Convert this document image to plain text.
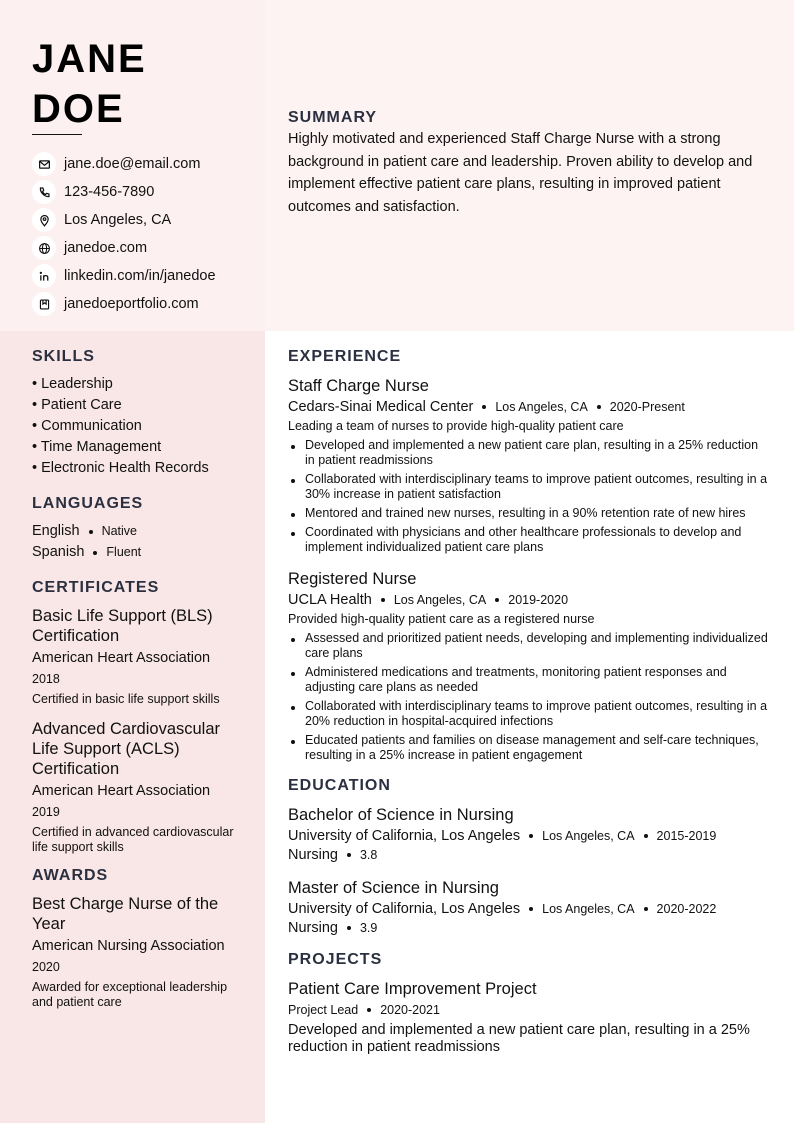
JANE
DOE
jane.doe@email.com
123-456-7890
Los Angeles, CA
janedoe.com
linkedin.com/in/janedoe
janedoeportfolio.com
SUMMARY
Highly motivated and experienced Staff Charge Nurse with a strong background in patient care and leadership. Proven ability to develop and implement effective patient care plans, resulting in improved patient outcomes and satisfaction.
SKILLS
• Leadership
• Patient Care
• Communication
• Time Management
• Electronic Health Records
LANGUAGES
English Native
Spanish Fluent
CERTIFICATES
Basic Life Support (BLS) Certification
American Heart Association
2018
Certified in basic life support skills
Advanced Cardiovascular Life Support (ACLS) Certification
American Heart Association
2019
Certified in advanced cardiovascular life support skills
AWARDS
Best Charge Nurse of the Year
American Nursing Association
2020
Awarded for exceptional leadership and patient care
EXPERIENCE
Staff Charge Nurse
Cedars-Sinai Medical Center Los Angeles, CA 2020-Present
Leading a team of nurses to provide high-quality patient care
Developed and implemented a new patient care plan, resulting in a 25% reduction in patient readmissions
Collaborated with interdisciplinary teams to improve patient outcomes, resulting in a 30% increase in patient satisfaction
Mentored and trained new nurses, resulting in a 90% retention rate of new hires
Coordinated with physicians and other healthcare professionals to develop and implement individualized patient care plans
Registered Nurse
UCLA Health Los Angeles, CA 2019-2020
Provided high-quality patient care as a registered nurse
Assessed and prioritized patient needs, developing and implementing individualized care plans
Administered medications and treatments, monitoring patient responses and adjusting care plans as needed
Collaborated with interdisciplinary teams to improve patient outcomes, resulting in a 20% reduction in hospital-acquired infections
Educated patients and families on disease management and self-care techniques, resulting in a 25% increase in patient engagement
EDUCATION
Bachelor of Science in Nursing
University of California, Los Angeles Los Angeles, CA 2015-2019
Nursing 3.8
Master of Science in Nursing
University of California, Los Angeles Los Angeles, CA 2020-2022
Nursing 3.9
PROJECTS
Patient Care Improvement Project
Project Lead 2020-2021
Developed and implemented a new patient care plan, resulting in a 25% reduction in patient readmissions
